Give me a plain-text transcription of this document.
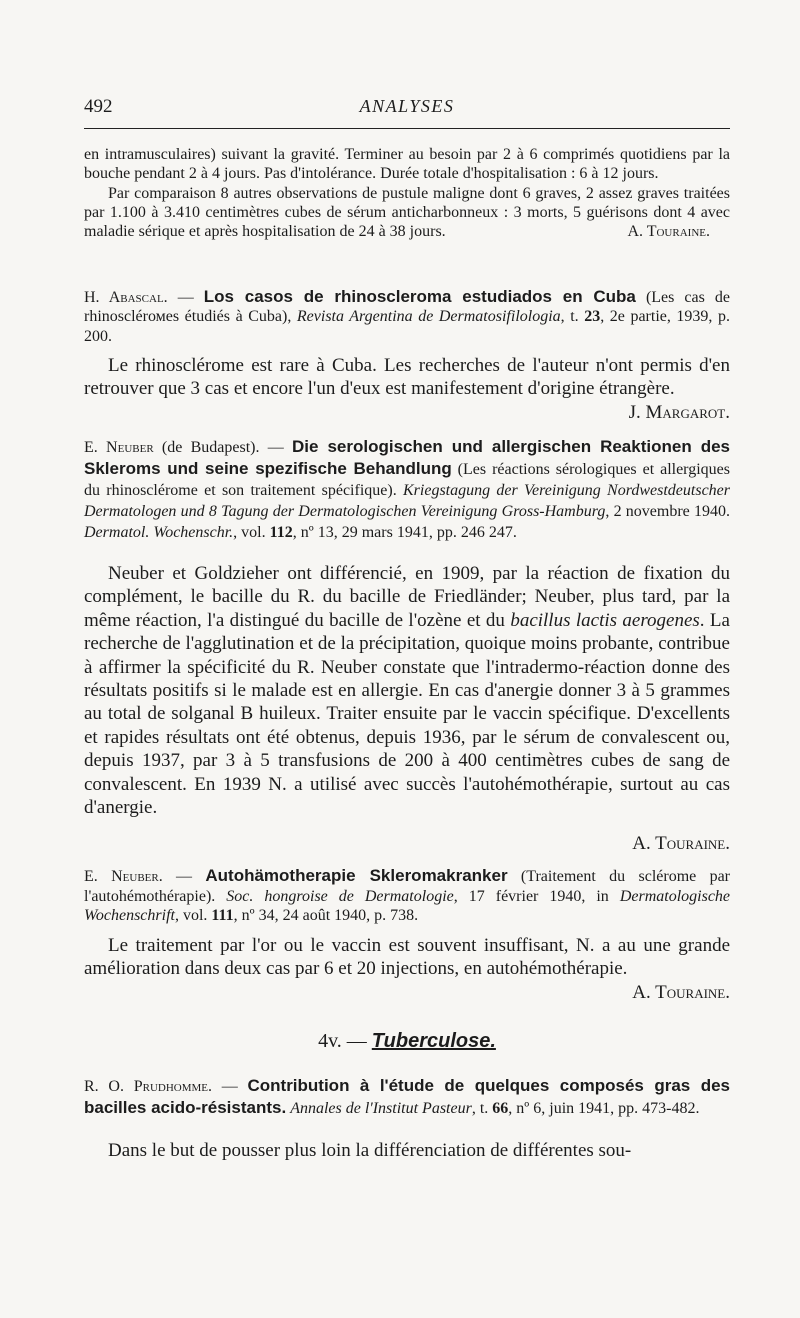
492	ANALYSES
en intramusculaires) suivant la gravité. Terminer au besoin par 2 à 6 comprimés quotidiens par la bouche pendant 2 à 4 jours. Pas d'intolérance. Durée totale d'hospitalisation : 6 à 12 jours.
Par comparaison 8 autres observations de pustule maligne dont 6 graves, 2 assez graves traitées par 1.100 à 3.410 centimètres cubes de sérum anticharbonneux : 3 morts, 5 guérisons dont 4 avec maladie sérique et après hospitalisation de 24 à 38 jours.	A. Touraine.
H. Abascal. — Los casos de rhinoscleroma estudiados en Cuba (Les cas de rhinosclérомes étudiés à Cuba), Revista Argentina de Dermatosifilologia, t. 23, 2e partie, 1939, p. 200.
Le rhinosclérome est rare à Cuba. Les recherches de l'auteur n'ont permis d'en retrouver que 3 cas et encore l'un d'eux est manifestement d'origine étrangère.
J. Margarot.
E. Neuber (de Budapest). — Die serologischen und allergischen Reaktionen des Skleroms und seine spezifische Behandlung (Les réactions sérologiques et allergiques du rhinosclérome et son traitement spécifique). Kriegstagung der Vereinigung Nordwestdeutscher Dermatologen und 8 Tagung der Dermatologischen Vereinigung Gross-Hamburg, 2 novembre 1940. Dermatol. Wochenschr., vol. 112, nº 13, 29 mars 1941, pp. 246 247.
Neuber et Goldzieher ont différencié, en 1909, par la réaction de fixation du complément, le bacille du R. du bacille de Friedländer; Neuber, plus tard, par la même réaction, l'a distingué du bacille de l'ozène et du bacillus lactis aerogenes. La recherche de l'agglutination et de la précipitation, quoique moins probante, contribue à affirmer la spécificité du R. Neuber constate que l'intradermo-réaction donne des résultats positifs si le malade est en allergie. En cas d'anergie donner 3 à 5 grammes au total de solganal B huileux. Traiter ensuite par le vaccin spécifique. D'excellents et rapides résultats ont été obtenus, depuis 1936, par le sérum de convalescent ou, depuis 1937, par 3 à 5 transfusions de 200 à 400 centimètres cubes de sang de convalescent. En 1939 N. a utilisé avec succès l'autohémothérapie, surtout au cas d'anergie.
A. Touraine.
E. Neuber. — Autohämotherapie Skleromakranker (Traitement du sclérome par l'autohémothérapie). Soc. hongroise de Dermatologie, 17 février 1940, in Dermatologische Wochenschrift, vol. 111, nº 34, 24 août 1940, p. 738.
Le traitement par l'or ou le vaccin est souvent insuffisant, N. a au une grande amélioration dans deux cas par 6 et 20 injections, en autohémothérapie.
A. Touraine.
4v. — Tuberculose.
R. O. Prudhomme. — Contribution à l'étude de quelques composés gras des bacilles acido-résistants. Annales de l'Institut Pasteur, t. 66, nº 6, juin 1941, pp. 473-482.
Dans le but de pousser plus loin la différenciation de différentes sou-
